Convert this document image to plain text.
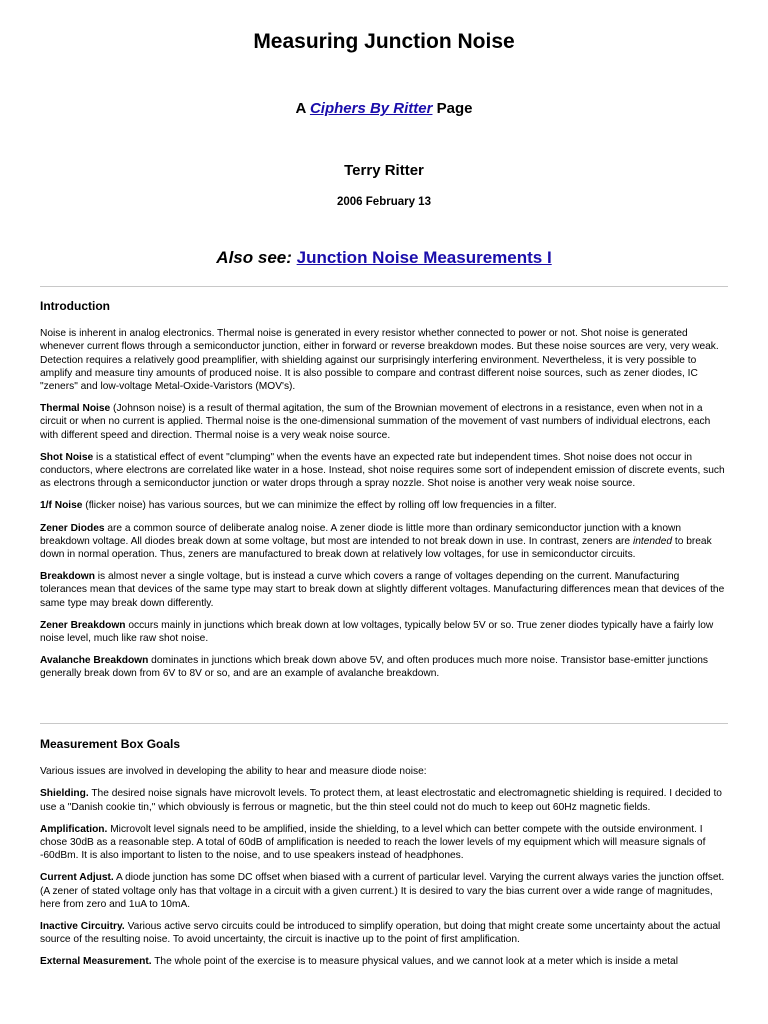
Measuring Junction Noise
A Ciphers By Ritter Page
Terry Ritter
2006 February 13
Also see: Junction Noise Measurements I
Introduction

Noise is inherent in analog electronics. Thermal noise is generated in every resistor whether connected to power or not. Shot noise is generated whenever current flows through a semiconductor junction, either in forward or reverse breakdown modes. But these noise sources are very, very weak. Detection requires a relatively good preamplifier, with shielding against our surprisingly interfering environment. Nevertheless, it is very possible to amplify and measure tiny amounts of produced noise. It is also possible to compare and contrast different noise sources, such as zener diodes, IC "zeners" and low-voltage Metal-Oxide-Varistors (MOV's).

Thermal Noise (Johnson noise) is a result of thermal agitation, the sum of the Brownian movement of electrons in a resistance, even when not in a circuit or when no current is applied. Thermal noise is the one-dimensional summation of the movement of vast numbers of individual electrons, each with different speed and direction. Thermal noise is a very weak noise source.

Shot Noise is a statistical effect of event "clumping" when the events have an expected rate but independent times. Shot noise does not occur in conductors, where electrons are correlated like water in a hose. Instead, shot noise requires some sort of independent emission of discrete events, such as electrons through a semiconductor junction or water drops through a spray nozzle. Shot noise is another very weak noise source.

1/f Noise (flicker noise) has various sources, but we can minimize the effect by rolling off low frequencies in a filter.

Zener Diodes are a common source of deliberate analog noise. A zener diode is little more than ordinary semiconductor junction with a known breakdown voltage. All diodes break down at some voltage, but most are intended to not break down in use. In contrast, zeners are intended to break down in normal operation. Thus, zeners are manufactured to break down at relatively low voltages, for use in semiconductor circuits.

Breakdown is almost never a single voltage, but is instead a curve which covers a range of voltages depending on the current. Manufacturing tolerances mean that devices of the same type may start to break down at slightly different voltages. Manufacturing differences mean that devices of the same type may break down differently.

Zener Breakdown occurs mainly in junctions which break down at low voltages, typically below 5V or so. True zener diodes typically have a fairly low noise level, much like raw shot noise.

Avalanche Breakdown dominates in junctions which break down above 5V, and often produces much more noise. Transistor base-emitter junctions generally break down from 6V to 8V or so, and are an example of avalanche breakdown.

Measurement Box Goals

Various issues are involved in developing the ability to hear and measure diode noise:

Shielding. The desired noise signals have microvolt levels. To protect them, at least electrostatic and electromagnetic shielding is required. I decided to use a "Danish cookie tin," which obviously is ferrous or magnetic, but the thin steel could not do much to keep out 60Hz magnetic fields.

Amplification. Microvolt level signals need to be amplified, inside the shielding, to a level which can better compete with the outside environment. I chose 30dB as a reasonable step. A total of 60dB of amplification is needed to reach the lower levels of my equipment which will measure signals of -60dBm. It is also important to listen to the noise, and to use speakers instead of headphones.

Current Adjust. A diode junction has some DC offset when biased with a current of particular level. Varying the current always varies the junction offset. (A zener of stated voltage only has that voltage in a circuit with a given current.) It is desired to vary the bias current over a wide range of magnitudes, here from zero and 1uA to 10mA.

Inactive Circuitry. Various active servo circuits could be introduced to simplify operation, but doing that might create some uncertainty about the actual source of the resulting noise. To avoid uncertainty, the circuit is inactive up to the point of first amplification.

External Measurement. The whole point of the exercise is to measure physical values, and we cannot look at a meter which is inside a metal
